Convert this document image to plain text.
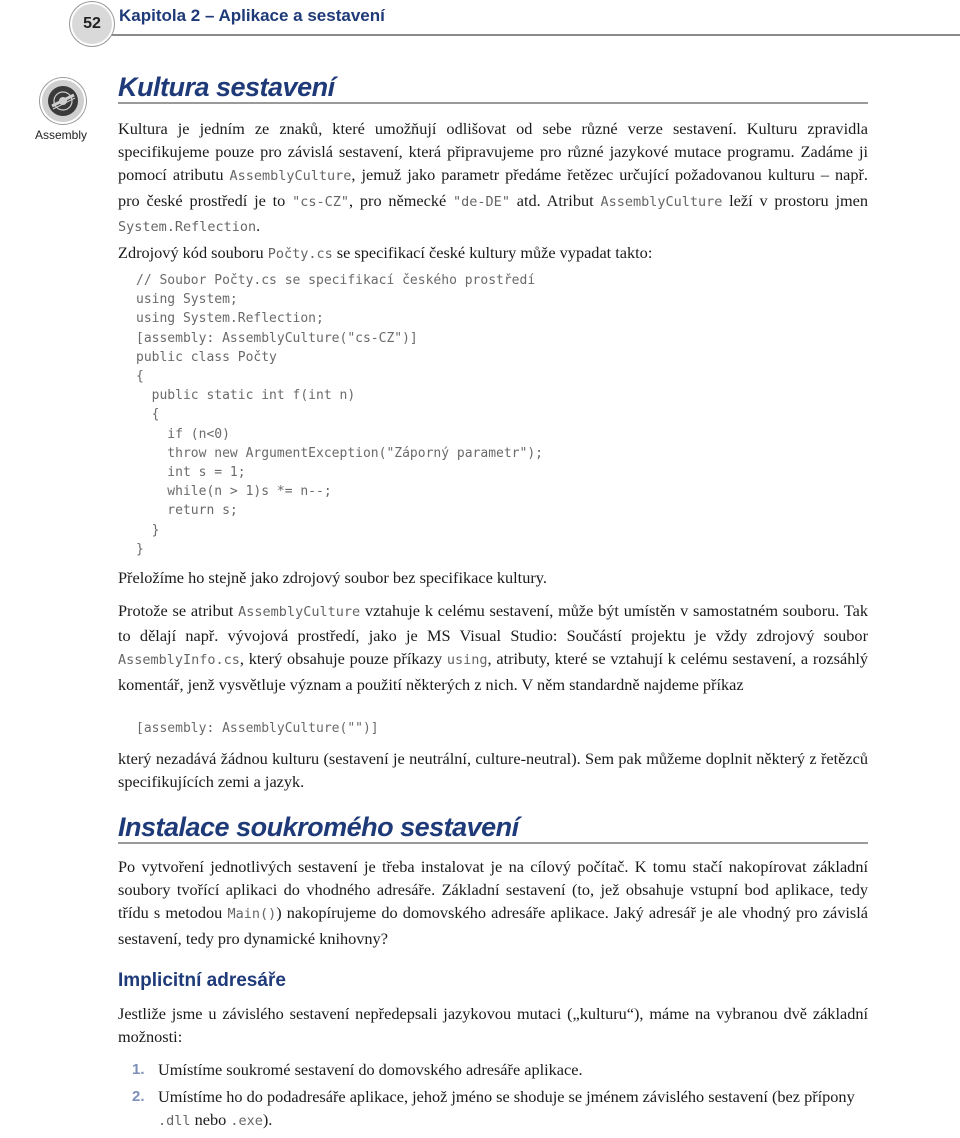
52	Kapitola 2 – Aplikace a sestavení
Assembly
Kultura sestavení

Kultura je jedním ze znaků, které umožňují odlišovat od sebe různé verze sestavení. Kulturu zpravidla specifikujeme pouze pro závislá sestavení, která připravujeme pro různé jazykové mutace programu. Zadáme ji pomocí atributu AssemblyCulture, jemuž jako parametr předáme řetězec určující požadovanou kulturu – např. pro české prostředí je to "cs-CZ", pro německé "de-DE" atd. Atribut AssemblyCulture leží v prostoru jmen System.Reflection.

Zdrojový kód souboru Počty.cs se specifikací české kultury může vypadat takto:

// Soubor Počty.cs se specifikací českého prostředí
using System;
using System.Reflection;
[assembly: AssemblyCulture("cs-CZ")]
public class Počty
{
public static int f(int n)
{
if (n<0)
throw new ArgumentException("Záporný parametr");
int s = 1;
while(n > 1)s *= n--;
return s;
}
}

Přeložíme ho stejně jako zdrojový soubor bez specifikace kultury.

Protože se atribut AssemblyCulture vztahuje k celému sestavení, může být umístěn v samostatném souboru. Tak to dělají např. vývojová prostředí, jako je MS Visual Studio: Součástí projektu je vždy zdrojový soubor AssemblyInfo.cs, který obsahuje pouze příkazy using, atributy, které se vztahují k celému sestavení, a rozsáhlý komentář, jenž vysvětluje význam a použití některých z nich. V něm standardně najdeme příkaz

[assembly: AssemblyCulture("")]

který nezadává žádnou kulturu (sestavení je neutrální, culture-neutral). Sem pak můžeme doplnit některý z řetězců specifikujících zemi a jazyk.

Instalace soukromého sestavení

Po vytvoření jednotlivých sestavení je třeba instalovat je na cílový počítač. K tomu stačí nakopírovat základní soubory tvořící aplikaci do vhodného adresáře. Základní sestavení (to, jež obsahuje vstupní bod aplikace, tedy třídu s metodou Main()) nakopírujeme do domovského adresáře aplikace. Jaký adresář je ale vhodný pro závislá sestavení, tedy pro dynamické knihovny?

Implicitní adresáře

Jestliže jsme u závislého sestavení nepředepsali jazykovou mutaci („kulturu“), máme na vybranou dvě základní možnosti:

1. Umístíme soukromé sestavení do domovského adresáře aplikace.
2. Umístíme ho do podadresáře aplikace, jehož jméno se shoduje se jménem závislého sestavení (bez přípony .dll nebo .exe).
